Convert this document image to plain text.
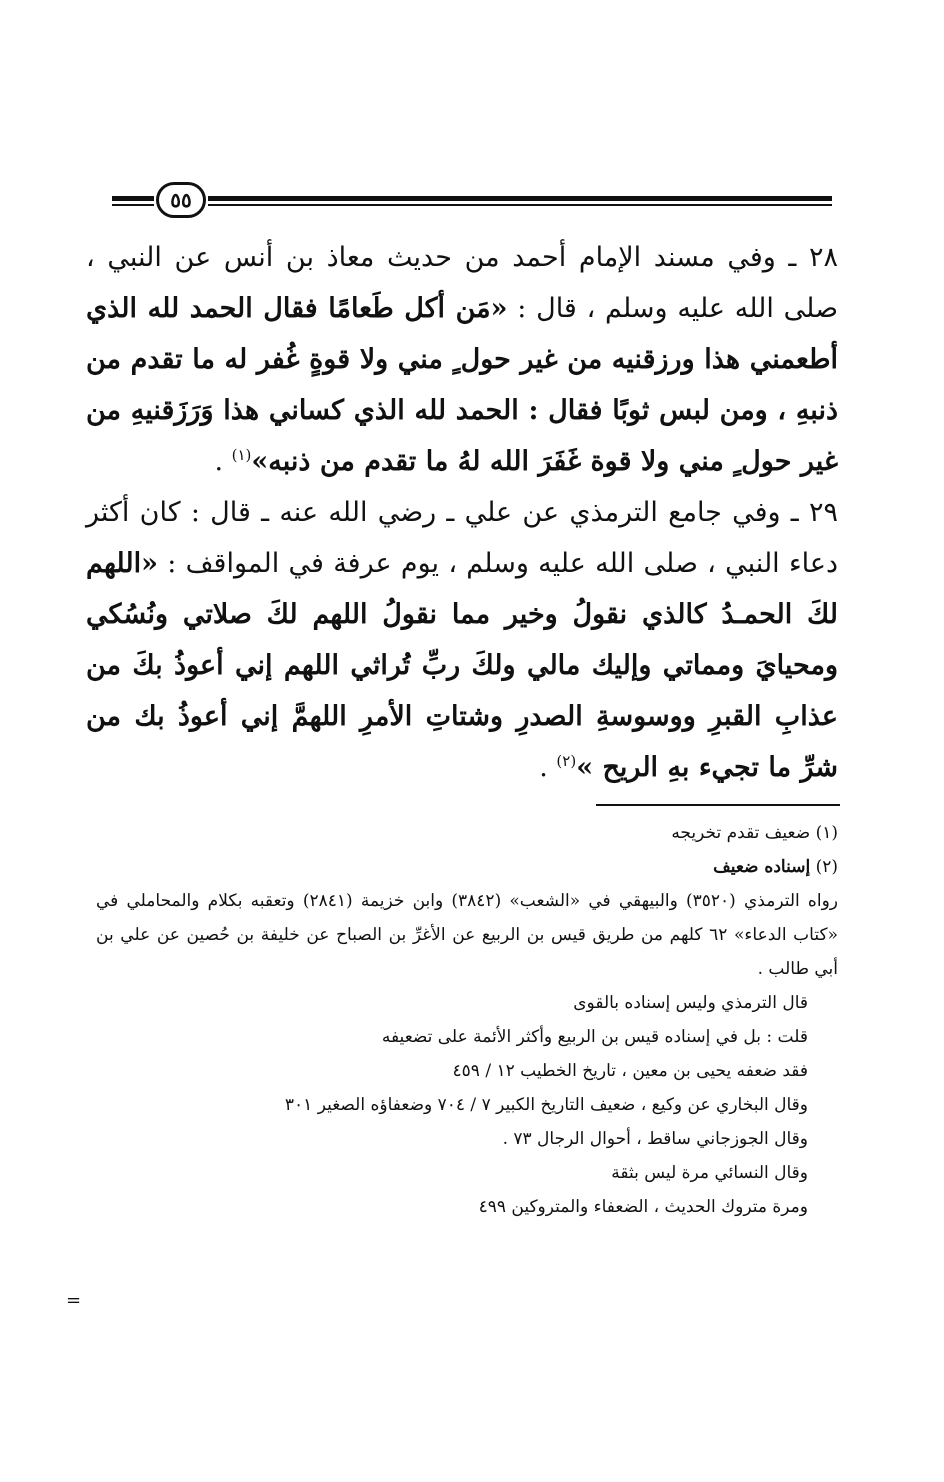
٥٥

٢٨ ـ وفي مسند الإمام أحمد من حديث معاذ بن أنس عن النبي ، صلى الله عليه وسلم ، قال : «مَن أكل طَعامًا فقال الحمد لله الذي أطعمني هذا ورزقنيه من غير حول ٍ مني ولا قوةٍ غُفر له ما تقدم من ذنبهِ ، ومن لبس ثوبًا فقال : الحمد لله الذي كساني هذا وَرَزَقنيهِ من غير حول ٍ مني ولا قوة غَفَرَ الله لهُ ما تقدم من ذنبه»$^{(١)}$ .

٢٩ ـ وفي جامع الترمذي عن علي ـ رضي الله عنه ـ قال : كان أكثر دعاء النبي ، صلى الله عليه وسلم ، يوم عرفة في المواقف : «اللهم لكَ الحمـدُ كالذي نقولُ وخير مما نقولُ اللهم لكَ صلاتي ونُسُكي ومحيايَ ومماتي وإليك مالي ولكَ ربِّ تُراثي اللهم إني أعوذُ بكَ من عذابِ القبرِ ووسوسةِ الصدرِ وشتاتِ الأمرِ اللهمَّ إني أعوذُ بك من شرِّ ما تجيء بهِ الريح »$^{(٢)}$ .

(١) ضعيف تقدم تخريجه

(٢) إسناده ضعيف

رواه الترمذي (٣٥٢٠) والبيهقي في «الشعب» (٣٨٤٢) وابن خزيمة (٢٨٤١) وتعقبه بكلام والمحاملي في «كتاب الدعاء» ٦٢ كلهم من طريق قيس بن الربيع عن الأغرِّ بن الصباح عن خليفة بن حُصين عن علي بن أبي طالب .

قال الترمذي وليس إسناده بالقوى

قلت : بل في إسناده قيس بن الربيع وأكثر الأئمة على تضعيفه

فقد ضعفه يحيى بن معين ، تاريخ الخطيب ١٢ / ٤٥٩

وقال البخاري عن وكيع ، ضعيف التاريخ الكبير ٧ / ٧٠٤ وضعفاؤه الصغير ٣٠١

وقال الجوزجاني ساقط ، أحوال الرجال ٧٣ .

وقال النسائي مرة ليس بثقة

ومرة متروك الحديث ، الضعفاء والمتروكين ٤٩٩

=
